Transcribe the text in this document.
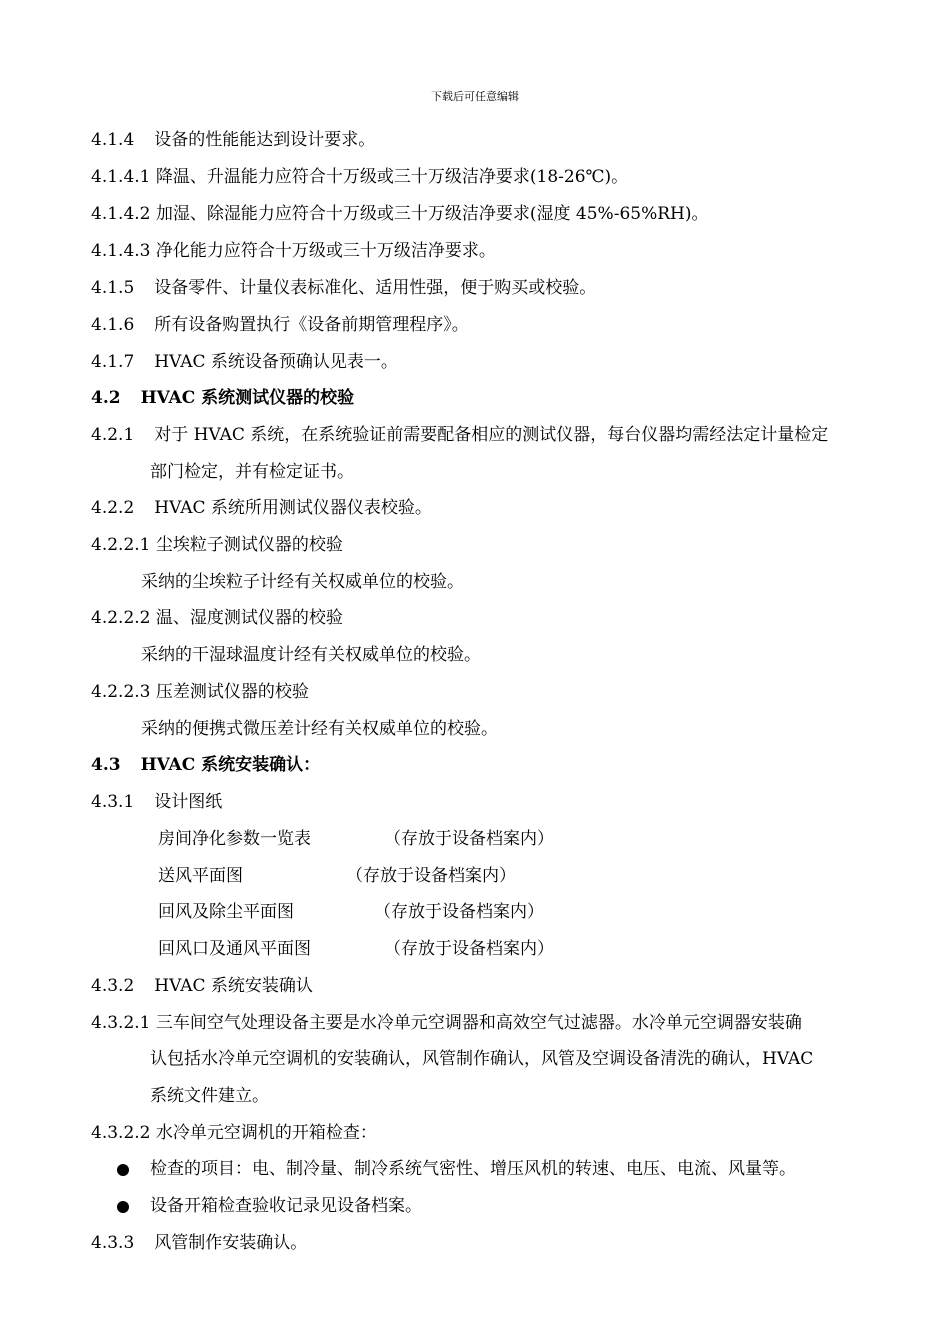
下载后可任意编辑
4.1.4 设备的性能能达到设计要求。
4.1.4.1 降温、升温能力应符合十万级或三十万级洁净要求(18-26℃)。
4.1.4.2 加湿、除湿能力应符合十万级或三十万级洁净要求(湿度 45%-65%RH)。
4.1.4.3 净化能力应符合十万级或三十万级洁净要求。
4.1.5 设备零件、计量仪表标准化、适用性强，便于购买或校验。
4.1.6 所有设备购置执行《设备前期管理程序》。
4.1.7 HVAC 系统设备预确认见表一。
4.2 HVAC 系统测试仪器的校验
4.2.1 对于 HVAC 系统，在系统验证前需要配备相应的测试仪器，每台仪器均需经法定计量检定
部门检定，并有检定证书。
4.2.2 HVAC 系统所用测试仪器仪表校验。
4.2.2.1 尘埃粒子测试仪器的校验
采纳的尘埃粒子计经有关权威单位的校验。
4.2.2.2 温、湿度测试仪器的校验
采纳的干湿球温度计经有关权威单位的校验。
4.2.2.3 压差测试仪器的校验
采纳的便携式微压差计经有关权威单位的校验。
4.3 HVAC 系统安装确认：
4.3.1 设计图纸
房间净化参数一览表	（存放于设备档案内）
送风平面图	（存放于设备档案内）
回风及除尘平面图	（存放于设备档案内）
回风口及通风平面图	（存放于设备档案内）
4.3.2 HVAC 系统安装确认
4.3.2.1 三车间空气处理设备主要是水冷单元空调器和高效空气过滤器。水冷单元空调器安装确
认包括水冷单元空调机的安装确认，风管制作确认，风管及空调设备清洗的确认，HVAC
系统文件建立。
4.3.2.2 水冷单元空调机的开箱检查：
检查的项目：电、制冷量、制冷系统气密性、增压风机的转速、电压、电流、风量等。
设备开箱检查验收记录见设备档案。
4.3.3 风管制作安装确认。
